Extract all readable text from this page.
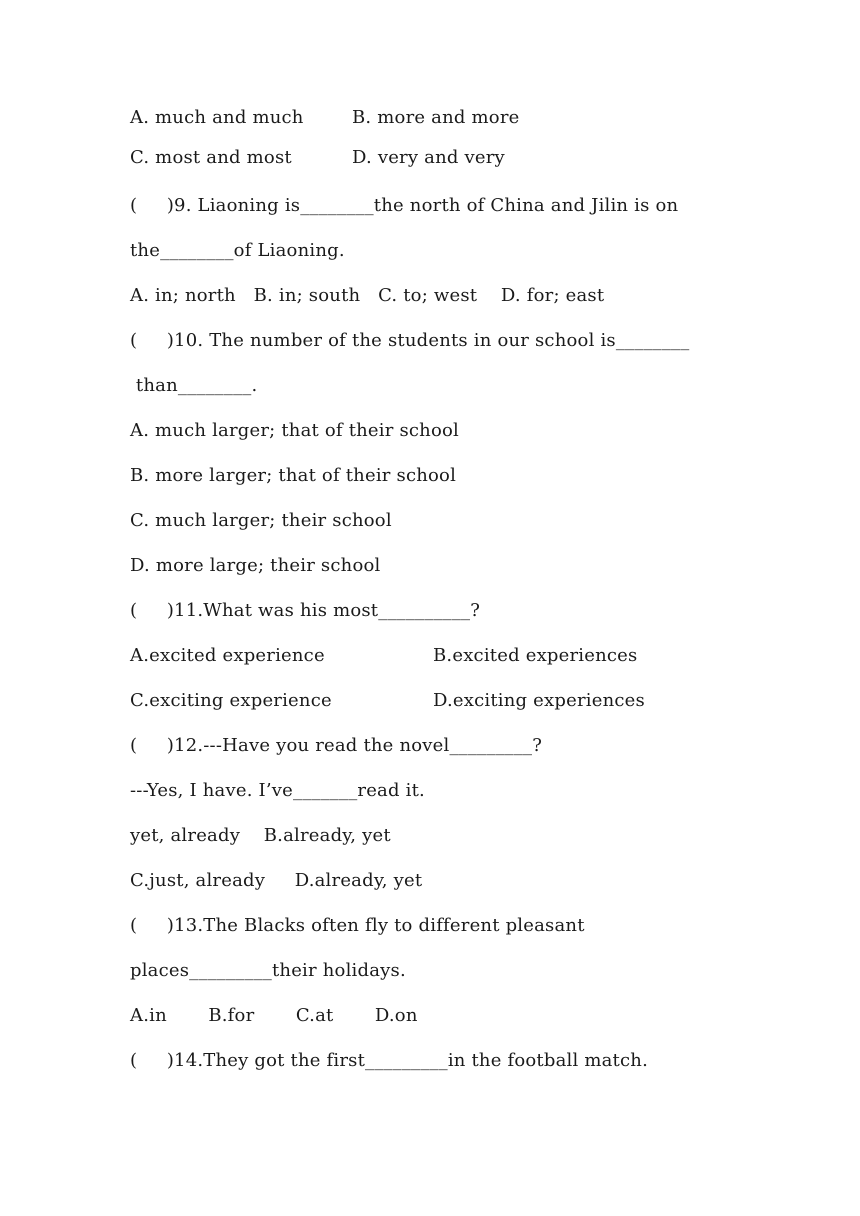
A. much and much	B. more and more
C. most and most	D. very and very
(     )9. Liaoning is________the north of China and Jilin is on
the________of Liaoning.
A. in; north   B. in; south   C. to; west    D. for; east
(     )10. The number of the students in our school is________
than________.
A. much larger; that of their school
B. more larger; that of their school
C. much larger; their school
D. more large; their school
(     )11.What was his most__________?
A.excited experience	B.excited experiences
C.exciting experience	D.exciting experiences
(     )12.---Have you read the novel_________?
---Yes, I have. I’ve_______read it.
yet, already    B.already, yet
C.just, already     D.already, yet
(     )13.The Blacks often fly to different pleasant
places_________their holidays.
A.in       B.for       C.at       D.on
(     )14.They got the first_________in the football match.
